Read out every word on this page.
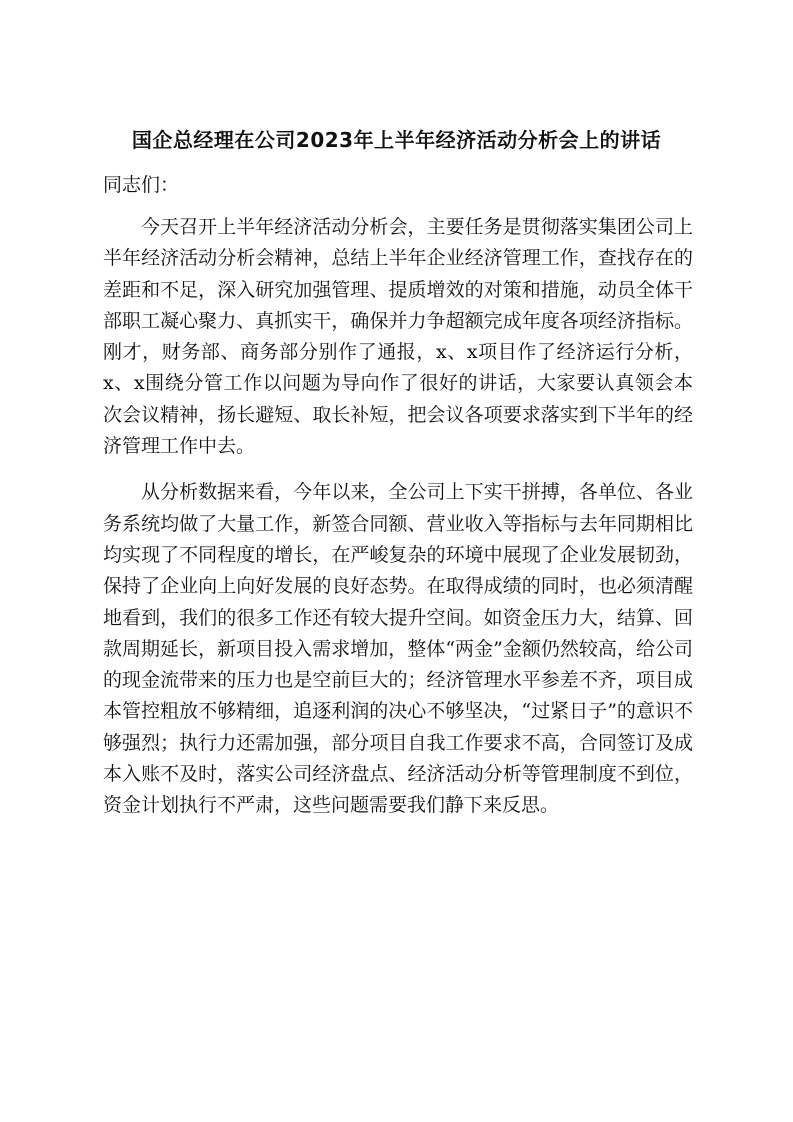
国企总经理在公司2023年上半年经济活动分析会上的讲话

同志们：

今天召开上半年经济活动分析会，主要任务是贯彻落实集团公司上半年经济活动分析会精神，总结上半年企业经济管理工作，查找存在的差距和不足，深入研究加强管理、提质增效的对策和措施，动员全体干部职工凝心聚力、真抓实干，确保并力争超额完成年度各项经济指标。刚才，财务部、商务部分别作了通报，x、x项目作了经济运行分析，x、x围绕分管工作以问题为导向作了很好的讲话，大家要认真领会本次会议精神，扬长避短、取长补短，把会议各项要求落实到下半年的经济管理工作中去。

从分析数据来看，今年以来，全公司上下实干拼搏，各单位、各业务系统均做了大量工作，新签合同额、营业收入等指标与去年同期相比均实现了不同程度的增长，在严峻复杂的环境中展现了企业发展韧劲，保持了企业向上向好发展的良好态势。在取得成绩的同时，也必须清醒地看到，我们的很多工作还有较大提升空间。如资金压力大，结算、回款周期延长，新项目投入需求增加，整体“两金”金额仍然较高，给公司的现金流带来的压力也是空前巨大的；经济管理水平参差不齐，项目成本管控粗放不够精细，追逐利润的决心不够坚决，“过紧日子”的意识不够强烈；执行力还需加强，部分项目自我工作要求不高，合同签订及成本入账不及时，落实公司经济盘点、经济活动分析等管理制度不到位，资金计划执行不严肃，这些问题需要我们静下来反思。
